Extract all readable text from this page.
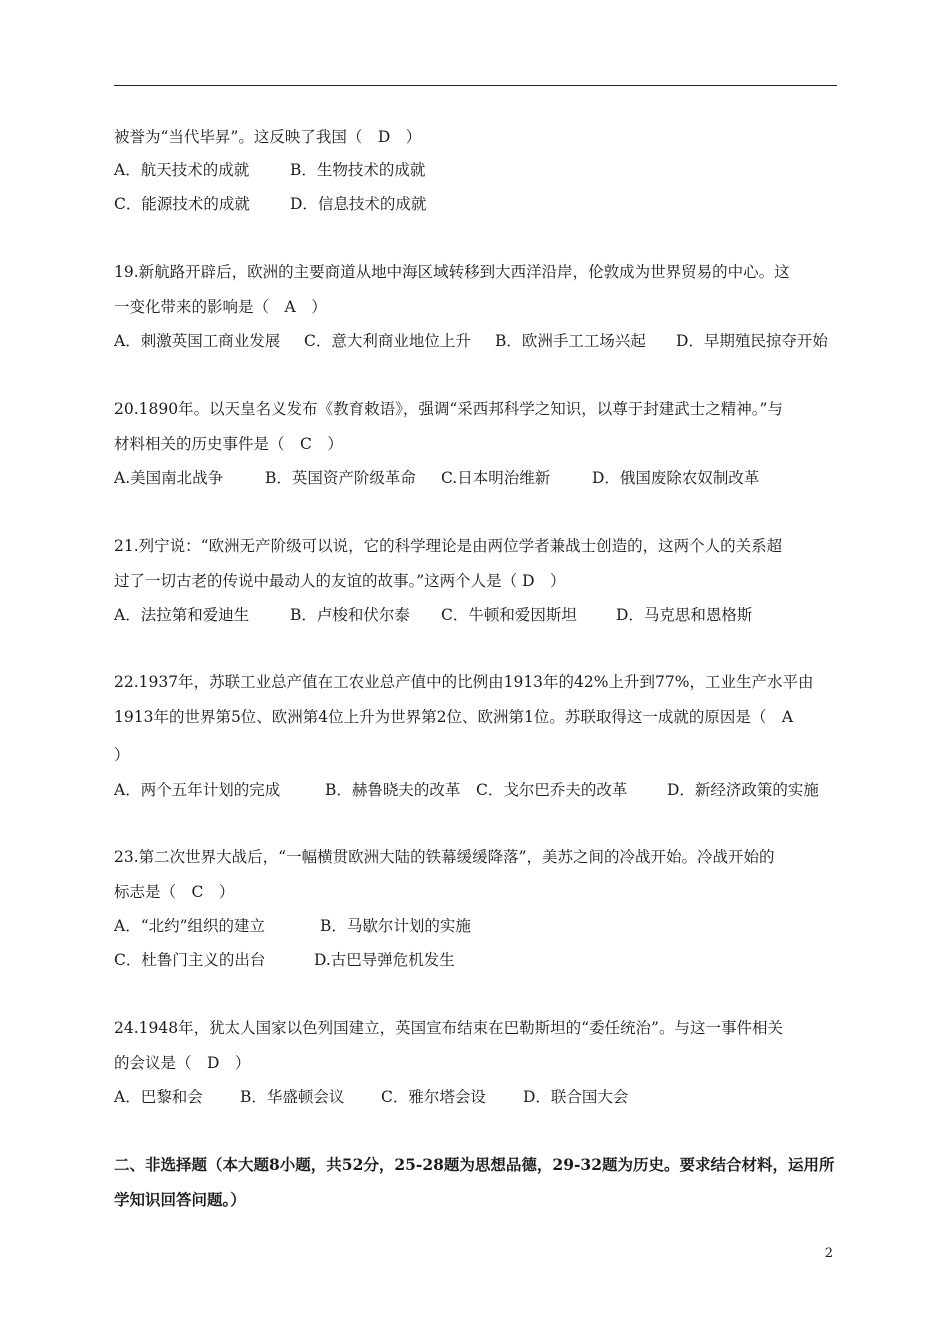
被誉为“当代毕昇”。这反映了我国（　D　）
A．航天技术的成就	B．生物技术的成就
C．能源技术的成就	D．信息技术的成就
19.新航路开辟后，欧洲的主要商道从地中海区域转移到大西洋沿岸，伦敦成为世界贸易的中心。这
一变化带来的影响是（　A　）
A．刺激英国工商业发展 C．意大利商业地位上升 B．欧洲手工工场兴起 D．早期殖民掠夺开始
20.1890年。以天皇名义发布《教育敕语》，强调“采西邦科学之知识，以尊于封建武士之精神。”与
材料相关的历史事件是（　C　）
A.美国南北战争	B．英国资产阶级革命 C.日本明治维新	D．俄国废除农奴制改革
21.列宁说：“欧洲无产阶级可以说，它的科学理论是由两位学者兼战士创造的，这两个人的关系超
过了一切古老的传说中最动人的友谊的故事。”这两个人是（ D　）
A．法拉第和爱迪生	B．卢梭和伏尔泰 C．牛顿和爱因斯坦	D．马克思和恩格斯
22.1937年，苏联工业总产值在工农业总产值中的比例由1913年的42%上升到77%，工业生产水平由
1913年的世界第5位、欧洲第4位上升为世界第2位、欧洲第1位。苏联取得这一成就的原因是（　A
）
A．两个五年计划的完成	B．赫鲁晓夫的改革 C．戈尔巴乔夫的改革	D．新经济政策的实施
23.第二次世界大战后，“一幅横贯欧洲大陆的铁幕缓缓降落”，美苏之间的冷战开始。冷战开始的
标志是（　C　）
A．“北约”组织的建立	B．马歇尔计划的实施
C．杜鲁门主义的出台	D.古巴导弹危机发生
24.1948年，犹太人国家以色列国建立，英国宣布结束在巴勒斯坦的“委任统治”。与这一事件相关
的会议是（　D　）
A．巴黎和会 B．华盛顿会议 C．雅尔塔会设 D．联合国大会
二、非选择题（本大题8小题，共52分，25-28题为思想品德，29-32题为历史。要求结合材料，运用所
学知识回答问题。）
2
